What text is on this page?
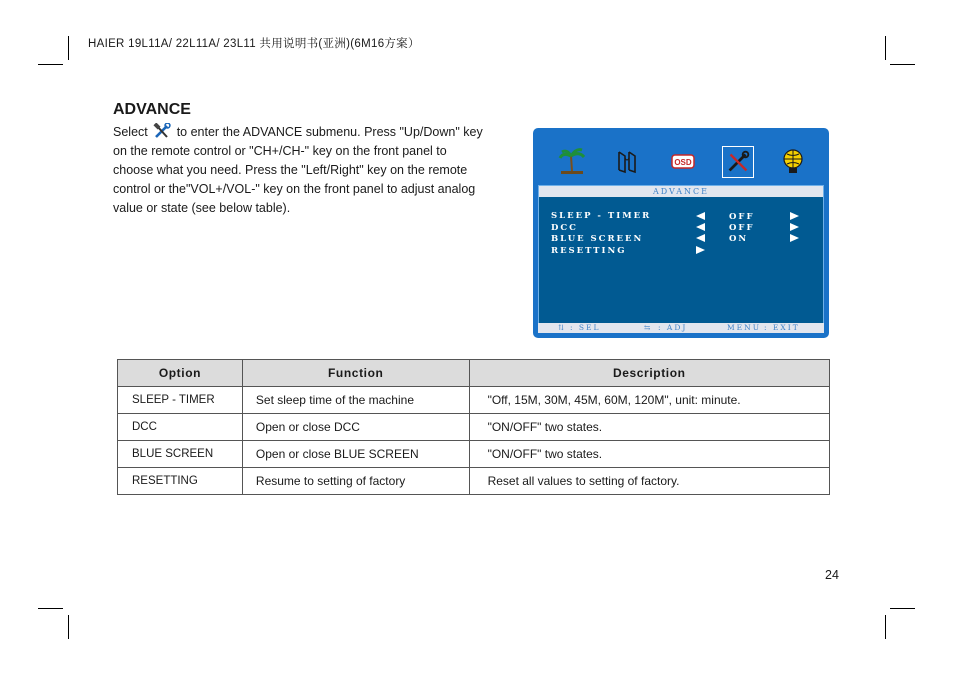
HAIER 19L11A/ 22L11A/ 23L11 共用说明书(亚洲)(6M16方案）
ADVANCE
Select  to enter the ADVANCE submenu. Press "Up/Down" key
on the remote control or "CH+/CH-" key on the front panel to
choose what you need. Press the "Left/Right" key on the remote
control or the"VOL+/VOL-" key on the front panel to adjust analog
value or state (see below table).
OSD
ADVANCE
SLEEP - TIMER	OFF
DCC	OFF
BLUE SCREEN	ON
RESETTING
⇅ : SEL	⇆ : ADJ	MENU : EXIT
Option	Function	Description
SLEEP - TIMER	Set sleep time of the machine	"Off, 15M, 30M, 45M, 60M, 120M", unit: minute.
DCC	Open or close DCC	"ON/OFF" two states.
BLUE SCREEN	Open or close BLUE SCREEN	"ON/OFF" two states.
RESETTING	Resume to setting of factory	Reset all values to setting of factory.
24
